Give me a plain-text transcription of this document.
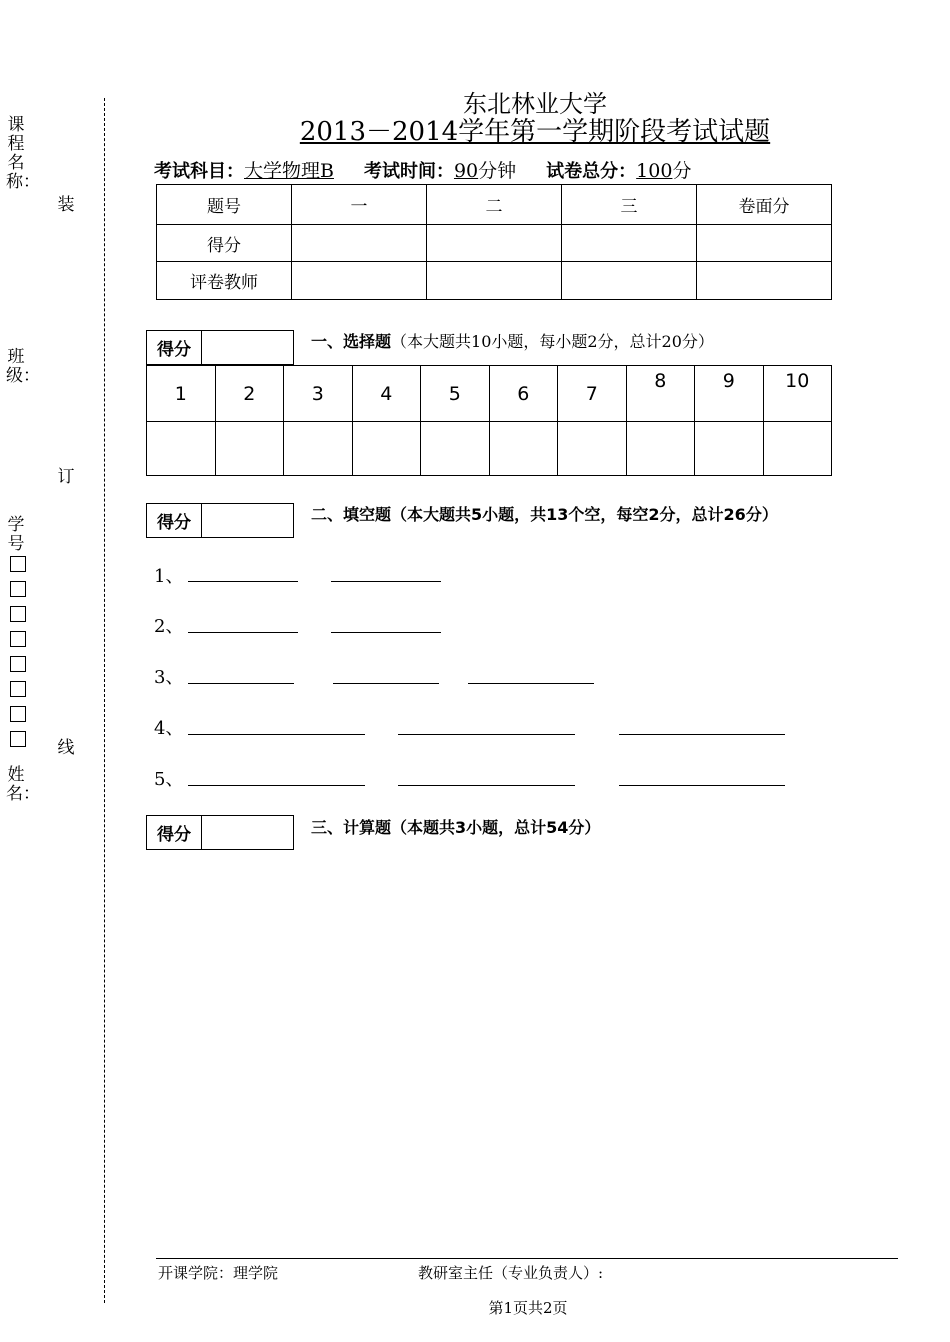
课程名称：
班级：
学号
姓名：
装
订
线
东北林业大学
2013－2014学年第一学期阶段考试试题
考试科目：大学物理B 考试时间：90分钟 试卷总分：100分
题号	一	二	三	卷面分
得分				
评卷教师				
得分		一、选择题（本大题共10小题，每小题2分，总计20分）
1	2	3	4	5	6	7	8	9	10

得分		二、填空题（本大题共5小题，共13个空，每空2分，总计26分）
1、
2、
3、
4、
5、
得分		三、计算题（本题共3小题，总计54分）
开课学院：理学院	教研室主任（专业负责人）:
第1页共2页
